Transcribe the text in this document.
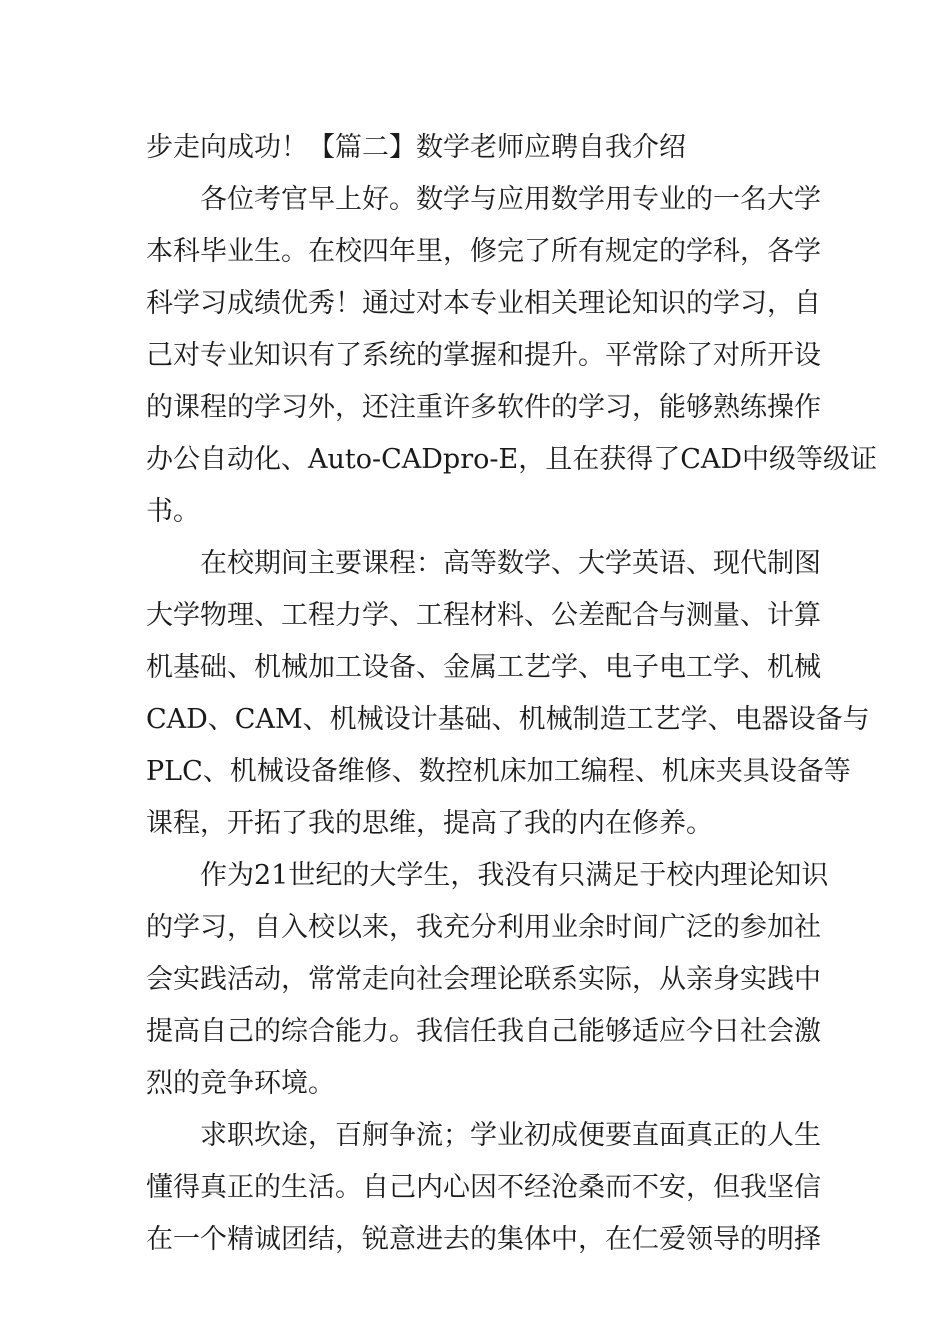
步走向成功！【篇二】数学老师应聘自我介绍
各位考官早上好。数学与应用数学用专业的一名大学
本科毕业生。在校四年里，修完了所有规定的学科，各学
科学习成绩优秀！通过对本专业相关理论知识的学习，自
己对专业知识有了系统的掌握和提升。平常除了对所开设
的课程的学习外，还注重许多软件的学习，能够熟练操作
办公自动化、Auto-CADpro-E，且在获得了CAD中级等级证
书。
在校期间主要课程：高等数学、大学英语、现代制图
大学物理、工程力学、工程材料、公差配合与测量、计算
机基础、机械加工设备、金属工艺学、电子电工学、机械
CAD、CAM、机械设计基础、机械制造工艺学、电器设备与
PLC、机械设备维修、数控机床加工编程、机床夹具设备等
课程，开拓了我的思维，提高了我的内在修养。
作为21世纪的大学生，我没有只满足于校内理论知识
的学习，自入校以来，我充分利用业余时间广泛的参加社
会实践活动，常常走向社会理论联系实际，从亲身实践中
提高自己的综合能力。我信任我自己能够适应今日社会激
烈的竞争环境。
求职坎途，百舸争流；学业初成便要直面真正的人生
懂得真正的生活。自己内心因不经沧桑而不安，但我坚信
在一个精诚团结，锐意进去的集体中，在仁爱领导的明择
